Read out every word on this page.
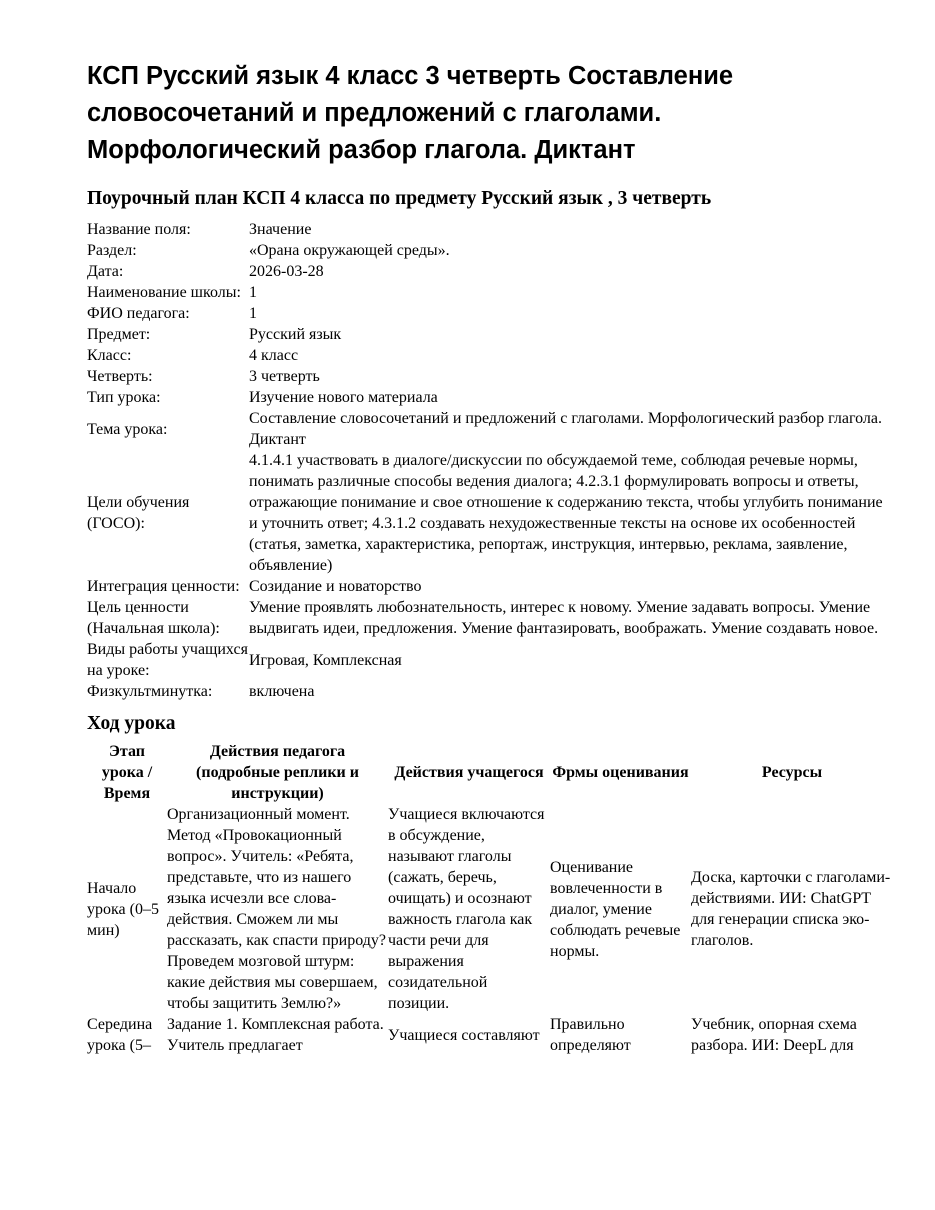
КСП Русский язык 4 класс 3 четверть Составление словосочетаний и предложений с глаголами. Морфологический разбор глагола. Диктант
Поурочный план КСП 4 класса по предмету Русский язык , 3 четверть
Название поля:	Значение
Раздел:	«Орана окружающей среды».
Дата:	2026-03-28
Наименование школы:	1
ФИО педагога:	1
Предмет:	Русский язык
Класс:	4 класс
Четверть:	3 четверть
Тип урока:	Изучение нового материала
Тема урока:	Составление словосочетаний и предложений с глаголами. Морфологический разбор глагола. Диктант
Цели обучения (ГОСО):	4.1.4.1 участвовать в диалоге/дискуссии по обсуждаемой теме, соблюдая речевые нормы, понимать различные способы ведения диалога; 4.2.3.1 формулировать вопросы и ответы, отражающие понимание и свое отношение к содержанию текста, чтобы углубить понимание и уточнить ответ; 4.3.1.2 создавать нехудожественные тексты на основе их особенностей (статья, заметка, характеристика, репортаж, инструкция, интервью, реклама, заявление, объявление)
Интеграция ценности:	Созидание и новаторство
Цель ценности (Начальная школа):	Умение проявлять любознательность, интерес к новому. Умение задавать вопросы. Умение выдвигать идеи, предложения. Умение фантазировать, воображать. Умение создавать новое.
Виды работы учащихся на уроке:	Игровая, Комплексная
Физкультминутка:	включена
Ход урока
Этап урока / Время	Действия педагога (подробные реплики и инструкции)	Действия учащегося	Фрмы оценивания	Ресурсы
Начало урока (0–5 мин)	Организационный момент. Метод «Провокационный вопрос». Учитель: «Ребята, представьте, что из нашего языка исчезли все слова-действия. Сможем ли мы рассказать, как спасти природу? Проведем мозговой штурм: какие действия мы совершаем, чтобы защитить Землю?»	Учащиеся включаются в обсуждение, называют глаголы (сажать, беречь, очищать) и осознают важность глагола как части речи для выражения созидательной позиции.	Оценивание вовлеченности в диалог, умение соблюдать речевые нормы.	Доска, карточки с глаголами-действиями. ИИ: ChatGPT для генерации списка эко-глаголов.
Середина урока (5–	Задание 1. Комплексная работа. Учитель предлагает	Учащиеся составляют	Правильно определяют	Учебник, опорная схема разбора. ИИ: DeepL для
